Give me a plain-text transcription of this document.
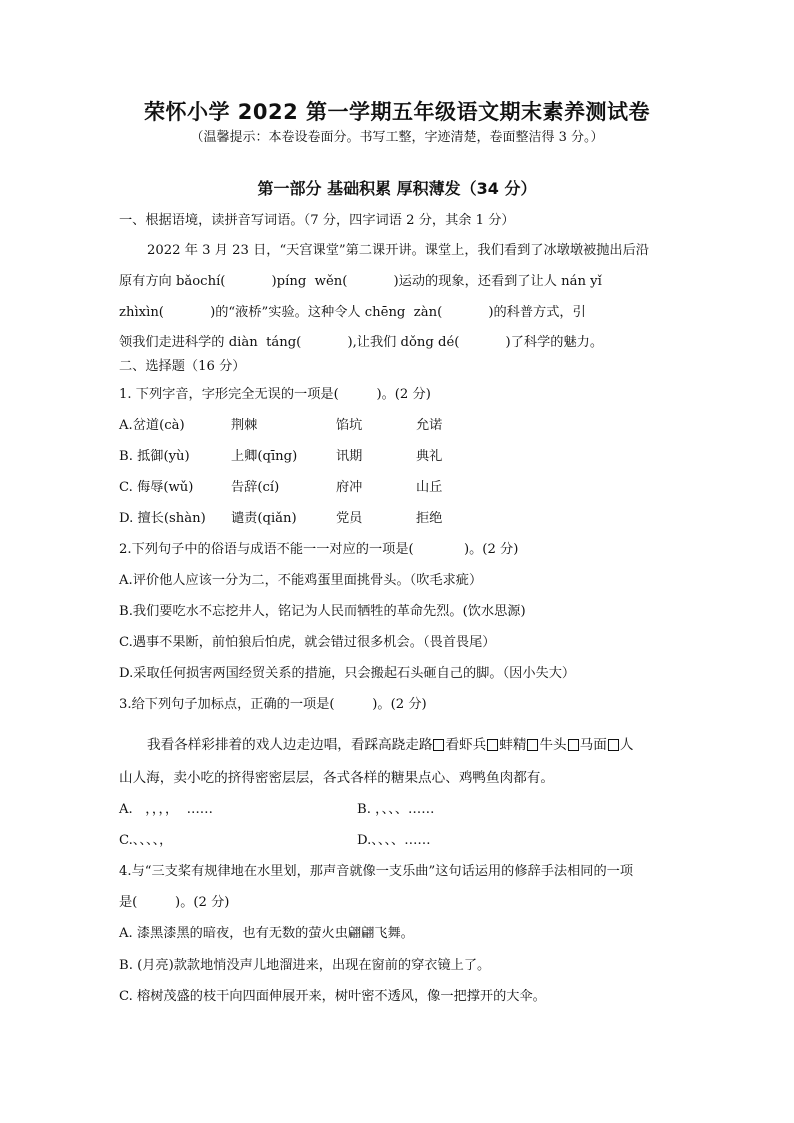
荣怀小学 2022 第一学期五年级语文期末素养测试卷
（温馨提示：本卷设卷面分。书写工整，字迹清楚，卷面整洁得 3 分。）
第一部分 基础积累 厚积薄发（34 分）
一、根据语境，读拼音写词语。（7 分，四字词语 2 分，其余 1 分）
2022 年 3 月 23 日，“天宫课堂”第二课开讲。课堂上，我们看到了冰墩墩被抛出后沿
原有方向 bǎochí(           )píng  wěn(           )运动的现象，还看到了让人 nán yǐ
zhìxìn(           )的“液桥”实验。这种令人 chēng  zàn(           )的科普方式，引
领我们走进科学的 diàn  táng(           ),让我们 dǒng dé(           )了科学的魅力。
二、选择题（16 分）
1. 下列字音，字形完全无误的一项是(         )。(2 分)
A.岔道(cà)	荆棘	馅坑	允诺
B. 抵御(yù)	上卿(qīng)	讯期	典礼
C. 侮辱(wǔ)	告辞(cí)	府冲	山丘
D. 擅长(shàn) 谴责(qiǎn)	党员	拒绝
2.下列句子中的俗语与成语不能一一对应的一项是(            )。(2 分)
A.评价他人应该一分为二，不能鸡蛋里面挑骨头。（吹毛求疵）
B.我们要吃水不忘挖井人，铭记为人民而牺牲的革命先烈。(饮水思源)
C.遇事不果断，前怕狼后怕虎，就会错过很多机会。（畏首畏尾）
D.采取任何损害两国经贸关系的措施，只会搬起石头砸自己的脚。（因小失大）
3.给下列句子加标点，正确的一项是(         )。(2 分)
我看各样彩排着的戏人边走边唱，看踩高跷走路 看虾兵 蚌精 牛头 马面 人
山人海，卖小吃的挤得密密层层，各式各样的糖果点心、鸡鸭鱼肉都有。
A.   ，，，，  ……	B. ，、、、……
C.、、、、，	D.、、、、……
4.与“三支桨有规律地在水里划，那声音就像一支乐曲”这句话运用的修辞手法相同的一项
是(         )。(2 分)
A. 漆黑漆黑的暗夜，也有无数的萤火虫翩翩飞舞。
B. (月亮)款款地悄没声儿地溜进来，出现在窗前的穿衣镜上了。
C. 榕树茂盛的枝干向四面伸展开来，树叶密不透风，像一把撑开的大伞。
